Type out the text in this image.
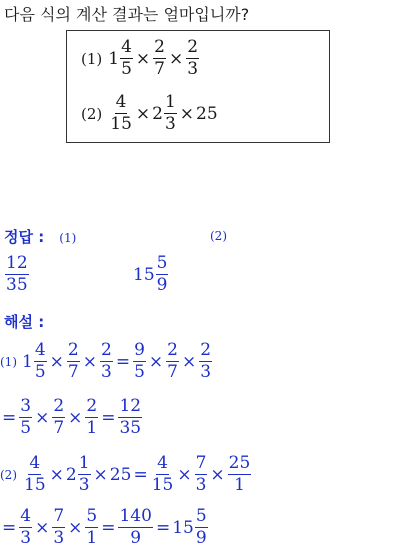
다음 식의 계산 결과는 얼마입니까?
(1) $1 \frac{4}{5} \times \frac{2}{7} \times \frac{2}{3}$
$(2) \frac{4}{15} \times 2 \frac{1}{3} \times 25$
정답 : (1)	(2)
$\frac{12}{35}$	$15 \frac{5}{9}$
해설 :
(1) $1 \frac{4}{5} \times \frac{2}{7} \times \frac{2}{3} = \frac{9}{5} \times \frac{2}{7} \times \frac{2}{3}$
= $\frac{3}{5} \times \frac{2}{7} \times \frac{2}{1} = \frac{12}{35}$
$(2) \frac{4}{15} \times 2 \frac{1}{3} \times 25 = \frac{4}{15} \times \frac{7}{3} \times \frac{25}{1}$
= $\frac{4}{3} \times \frac{7}{3} \times \frac{5}{1} = \frac{140}{9} = 15 \frac{5}{9}$
